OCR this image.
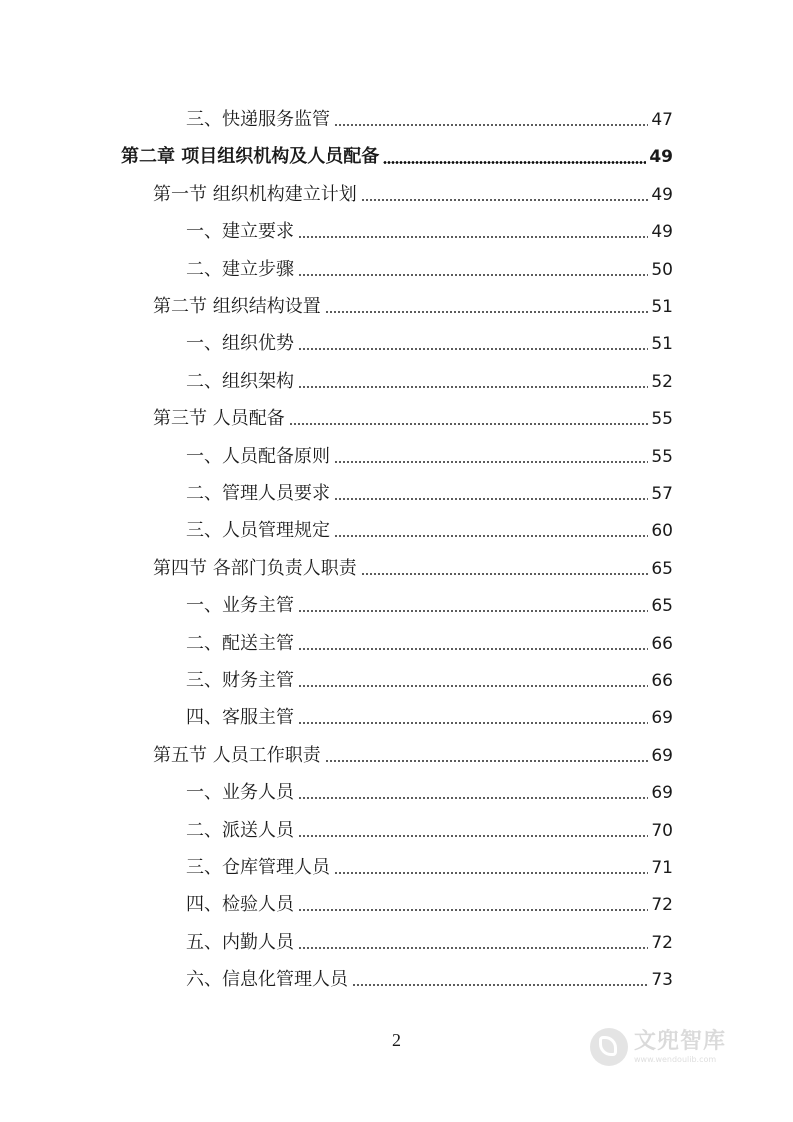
三、 快递服务监管	47
第二章 项目组织机构及人员配备	49
第一节 组织机构建立计划	49
一、 建立要求	49
二、 建立步骤	50
第二节 组织结构设置	51
一、 组织优势	51
二、 组织架构	52
第三节 人员配备	55
一、 人员配备原则	55
二、 管理人员要求	57
三、 人员管理规定	60
第四节 各部门负责人职责	65
一、 业务主管	65
二、 配送主管	66
三、 财务主管	66
四、 客服主管	69
第五节 人员工作职责	69
一、 业务人员	69
二、 派送人员	70
三、 仓库管理人员	71
四、 检验人员	72
五、 内勤人员	72
六、 信息化管理人员	73
2	文兜智库
www.wendoulib.com
